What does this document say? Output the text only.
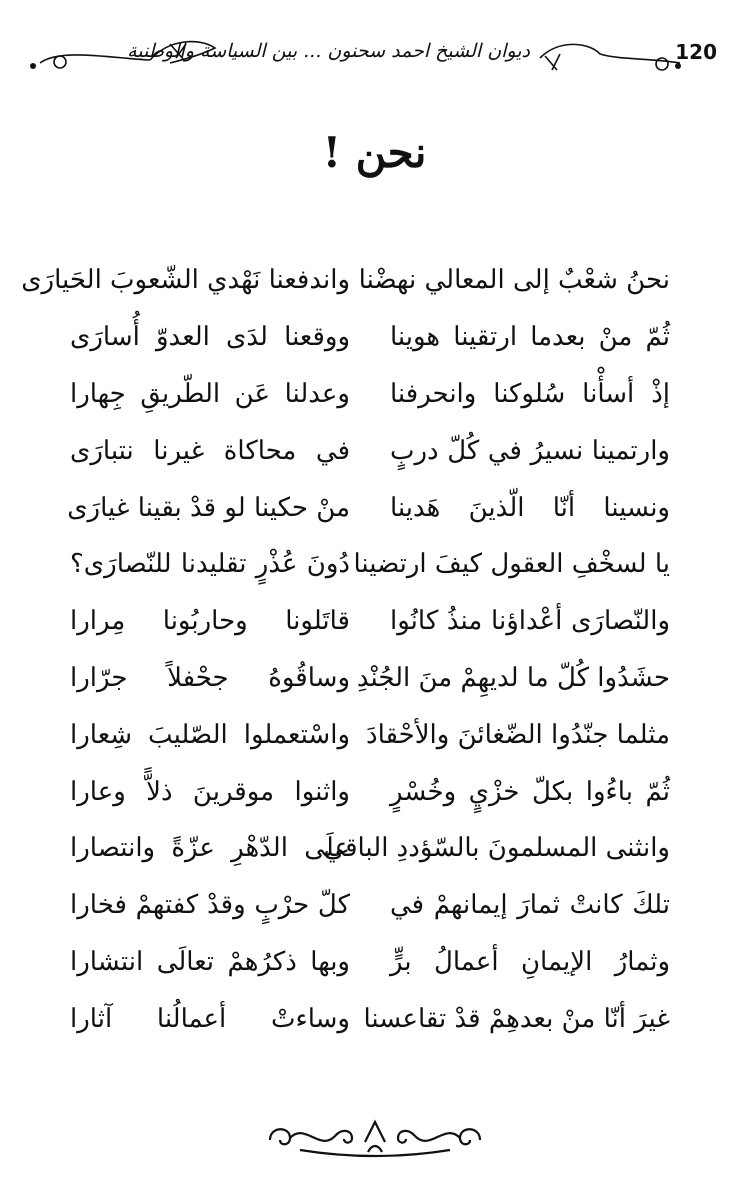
120
ديوان الشيخ احمد سحنون ... بين السياسة والوطنية
نحن !
نحنُ شعْبٌ إلى المعالي نهضْنا
واندفعنا نَهْدي الشّعوبَ الحَيارَى
ثُمّ منْ بعدما ارتقينا هوينا
ووقعنا لدَى العدوّ أُسارَى
إذْ أسأْنا سُلوكنا وانحرفنا
وعدلنا عَن الطّريقِ جِهارا
وارتمينا نسيرُ في كُلّ دربٍ
في محاكاة غيرنا نتبارَى
ونسينا أنّا الّذينَ هَدينا
منْ حكينا لو قدْ بقينا غيارَى
يا لسخْفِ العقول كيفَ ارتضينا
دُونَ عُذْرٍ تقليدنا للنّصارَى؟
والنّصارَى أعْداؤنا منذُ كانُوا
قاتَلونا وحاربُونا مِرارا
حشَدُوا كُلّ ما لديهِمْ منَ الجُنْدِ
وساقُوهُ جحْفلاً جرّارا
مثلما جنّدُوا الضّغائنَ والأحْقادَ
واسْتعملوا الصّليبَ شِعارا
ثُمّ باءُوا بكلّ خزْيٍ وخُسْرٍ
واثنوا موقرينَ ذلاًّ وعارا
وانثنى المسلمونَ بالسّؤددِ الباقي
علَى الدّهْرِ عزّةً وانتصارا
تلكَ كانتْ ثمارَ إيمانهمْ في
كلّ حرْبٍ وقدْ كفتهمْ فخارا
وثمارُ الإيمانِ أعمالُ برٍّ
وبها ذكرُهمْ تعالَى انتشارا
غيرَ أنّا منْ بعدهِمْ قدْ تقاعسنا
وساءتْ أعمالُنا آثارا
